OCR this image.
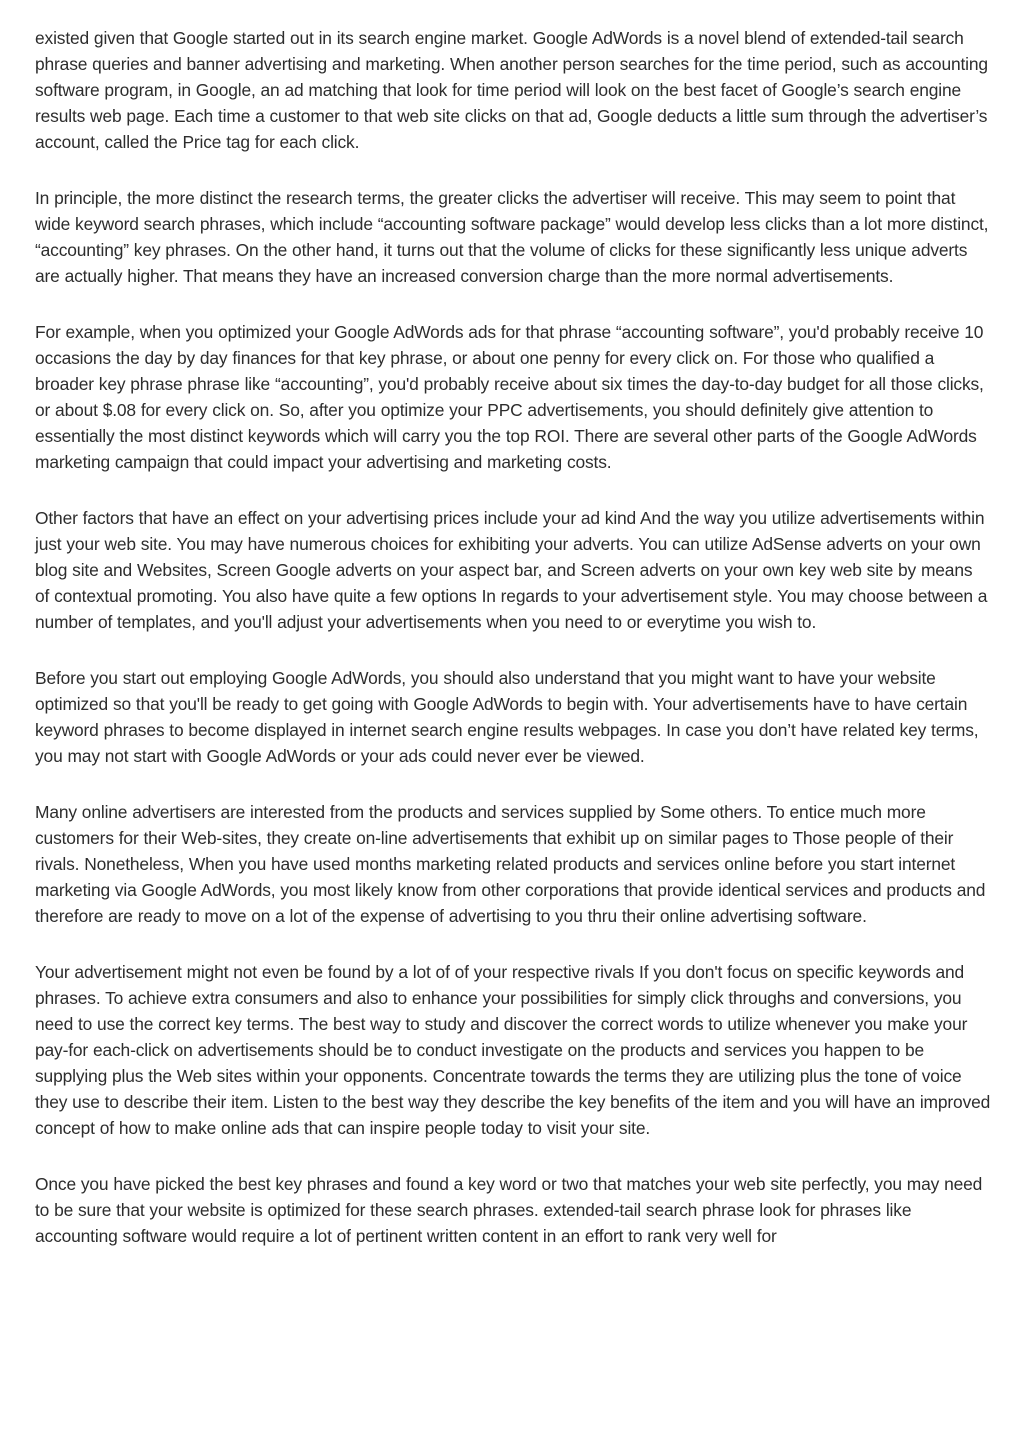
existed given that Google started out in its search engine market. Google AdWords is a novel blend of extended-tail search phrase queries and banner advertising and marketing. When another person searches for the time period, such as accounting software program, in Google, an ad matching that look for time period will look on the best facet of Google’s search engine results web page. Each time a customer to that web site clicks on that ad, Google deducts a little sum through the advertiser’s account, called the Price tag for each click.

In principle, the more distinct the research terms, the greater clicks the advertiser will receive. This may seem to point that wide keyword search phrases, which include “accounting software package” would develop less clicks than a lot more distinct, “accounting” key phrases. On the other hand, it turns out that the volume of clicks for these significantly less unique adverts are actually higher. That means they have an increased conversion charge than the more normal advertisements.

For example, when you optimized your Google AdWords ads for that phrase “accounting software”, you'd probably receive 10 occasions the day by day finances for that key phrase, or about one penny for every click on. For those who qualified a broader key phrase phrase like “accounting”, you'd probably receive about six times the day-to-day budget for all those clicks, or about $.08 for every click on. So, after you optimize your PPC advertisements, you should definitely give attention to essentially the most distinct keywords which will carry you the top ROI. There are several other parts of the Google AdWords marketing campaign that could impact your advertising and marketing costs.

Other factors that have an effect on your advertising prices include your ad kind And the way you utilize advertisements within just your web site. You may have numerous choices for exhibiting your adverts. You can utilize AdSense adverts on your own blog site and Websites, Screen Google adverts on your aspect bar, and Screen adverts on your own key web site by means of contextual promoting. You also have quite a few options In regards to your advertisement style. You may choose between a number of templates, and you'll adjust your advertisements when you need to or everytime you wish to.

Before you start out employing Google AdWords, you should also understand that you might want to have your website optimized so that you'll be ready to get going with Google AdWords to begin with. Your advertisements have to have certain keyword phrases to become displayed in internet search engine results webpages. In case you don’t have related key terms, you may not start with Google AdWords or your ads could never ever be viewed.

Many online advertisers are interested from the products and services supplied by Some others. To entice much more customers for their Web-sites, they create on-line advertisements that exhibit up on similar pages to Those people of their rivals. Nonetheless, When you have used months marketing related products and services online before you start internet marketing via Google AdWords, you most likely know from other corporations that provide identical services and products and therefore are ready to move on a lot of the expense of advertising to you thru their online advertising software.

Your advertisement might not even be found by a lot of of your respective rivals If you don't focus on specific keywords and phrases. To achieve extra consumers and also to enhance your possibilities for simply click throughs and conversions, you need to use the correct key terms. The best way to study and discover the correct words to utilize whenever you make your pay-for each-click on advertisements should be to conduct investigate on the products and services you happen to be supplying plus the Web sites within your opponents. Concentrate towards the terms they are utilizing plus the tone of voice they use to describe their item. Listen to the best way they describe the key benefits of the item and you will have an improved concept of how to make online ads that can inspire people today to visit your site.

Once you have picked the best key phrases and found a key word or two that matches your web site perfectly, you may need to be sure that your website is optimized for these search phrases. extended-tail search phrase look for phrases like accounting software would require a lot of pertinent written content in an effort to rank very well for
